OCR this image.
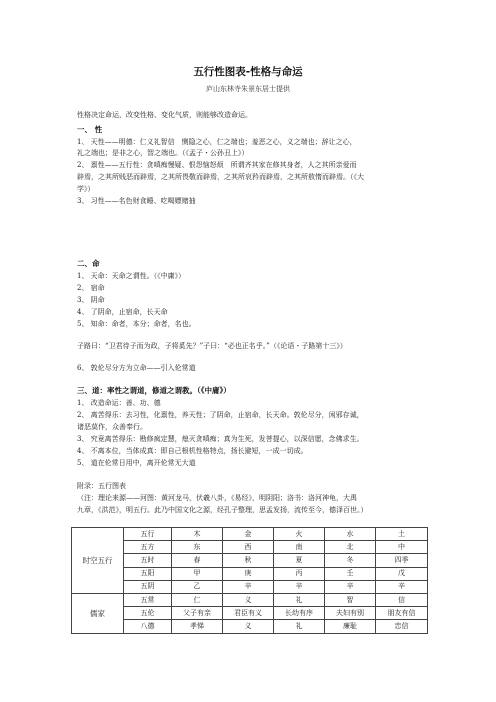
五行性图表-性格与命运
庐山东林寺朱景东居士提供
性格决定命运，改变性格、变化气质，则能够改造命运。
一、 性
1、 天性——明德：仁义礼智信　恻隐之心，仁之端也；羞恶之心，义之端也；辞让之心，
礼之端也；是非之心，智之端也。（《孟子・公孙丑上》）
2、 禀性——五行性：贪嗔痴慢疑、恨怨恼怒烦　所谓齐其家在修其身者，人之其所亲爱而
辟焉，之其所贱恶而辟焉，之其所畏敬而辟焉，之其所哀矜而辟焉，之其所敖惰而辟焉。（《大
学》）
3、 习性——名色财食睡、吃喝嫖赌抽
二、命
1、 天命：天命之谓性。（《中庸》）
2、 宿命
3、 阴命
4、 了阴命，止宿命，长天命
5、 知命：命者，本分；命者，名也。
子路曰：“卫君待子而为政，子将奚先？”子曰：“必也正名乎。”（《论语・子路第十三》）
6、 敦伦尽分方为立命——引入伦常道
三、道：率性之谓道，修道之谓教。（《中庸》）
1、 改造命运：善、功、德
2、 离苦得乐：去习性，化禀性，养天性；了阴命，止宿命，长天命。敦伦尽分，闲邪存诚，
诸恶莫作，众善奉行。
3、 究竟离苦得乐：勘修疯定慧，熄灭贪嗔痴；真为生死，发菩提心，以深信愿，念佛求生。
4、 不离本位，当体成真：即自己根机性格特点，扬长避短，一成一切成。
5、 道在伦常日用中，离开伦常无大道
附录：五行图表
（注：理论来源——河图：黄河龙马，伏羲八卦，《易经》，明阴阳；洛书：洛河神龟，大禹
九章，《洪范》，明五行。此乃中国文化之源，经孔子整理，思孟发扬，流传至今，德泽百世。）
时空五行	五行	木	金	火	水	土
	五方	东	西	南	北	中
	五时	春	秋	夏	冬	四季
	五阳	甲	庚	丙	壬	戊
	五阴	乙	辛	辛	辛	辛
儒家	五常	仁	义	礼	智	信
	五伦	父子有亲	君臣有义	长幼有序	夫妇有别	朋友有信
	八德	孝悌	义	礼	廉耻	忠信
